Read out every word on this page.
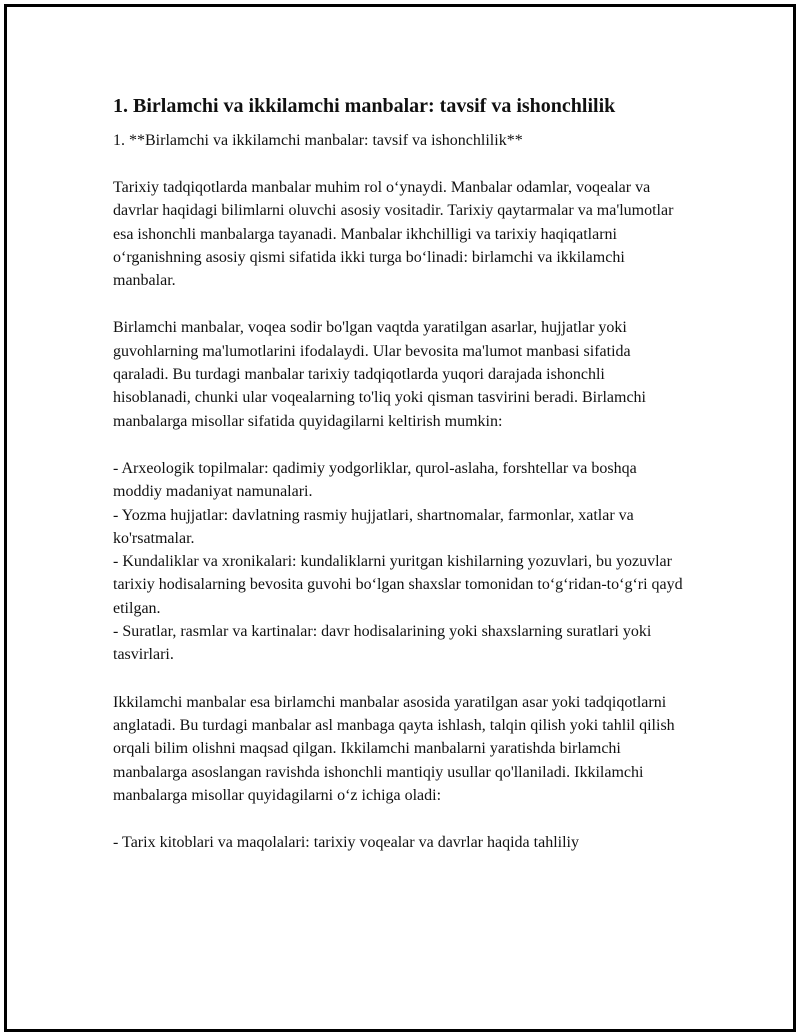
1. Birlamchi va ikkilamchi manbalar: tavsif va ishonchlilik
1. **Birlamchi va ikkilamchi manbalar: tavsif va ishonchlilik**
Tarixiy tadqiqotlarda manbalar muhim rol o‘ynaydi. Manbalar odamlar, voqealar va davrlar haqidagi bilimlarni oluvchi asosiy vositadir. Tarixiy qaytarmalar va ma'lumotlar esa ishonchli manbalarga tayanadi. Manbalar ikhchilligi va tarixiy haqiqatlarni o‘rganishning asosiy qismi sifatida ikki turga bo‘linadi: birlamchi va ikkilamchi manbalar.
Birlamchi manbalar, voqea sodir bo'lgan vaqtda yaratilgan asarlar, hujjatlar yoki guvohlarning ma'lumotlarini ifodalaydi. Ular bevosita ma'lumot manbasi sifatida qaraladi. Bu turdagi manbalar tarixiy tadqiqotlarda yuqori darajada ishonchli hisoblanadi, chunki ular voqealarning to'liq yoki qisman tasvirini beradi. Birlamchi manbalarga misollar sifatida quyidagilarni keltirish mumkin:

- Arxeologik topilmalar: qadimiy yodgorliklar, qurol-aslaha, forshtellar va boshqa moddiy madaniyat namunalari.

- Yozma hujjatlar: davlatning rasmiy hujjatlari, shartnomalar, farmonlar, xatlar va ko'rsatmalar.

- Kundaliklar va xronikalari: kundaliklarni yuritgan kishilarning yozuvlari, bu yozuvlar tarixiy hodisalarning bevosita guvohi bo‘lgan shaxslar tomonidan to‘g‘ridan-to‘g‘ri qayd etilgan.

- Suratlar, rasmlar va kartinalar: davr hodisalarining yoki shaxslarning suratlari yoki tasvirlari.

Ikkilamchi manbalar esa birlamchi manbalar asosida yaratilgan asar yoki tadqiqotlarni anglatadi. Bu turdagi manbalar asl manbaga qayta ishlash, talqin qilish yoki tahlil qilish orqali bilim olishni maqsad qilgan. Ikkilamchi manbalarni yaratishda birlamchi manbalarga asoslangan ravishda ishonchli mantiqiy usullar qo'llaniladi. Ikkilamchi manbalarga misollar quyidagilarni o‘z ichiga oladi:

- Tarix kitoblari va maqolalari: tarixiy voqealar va davrlar haqida tahliliy
